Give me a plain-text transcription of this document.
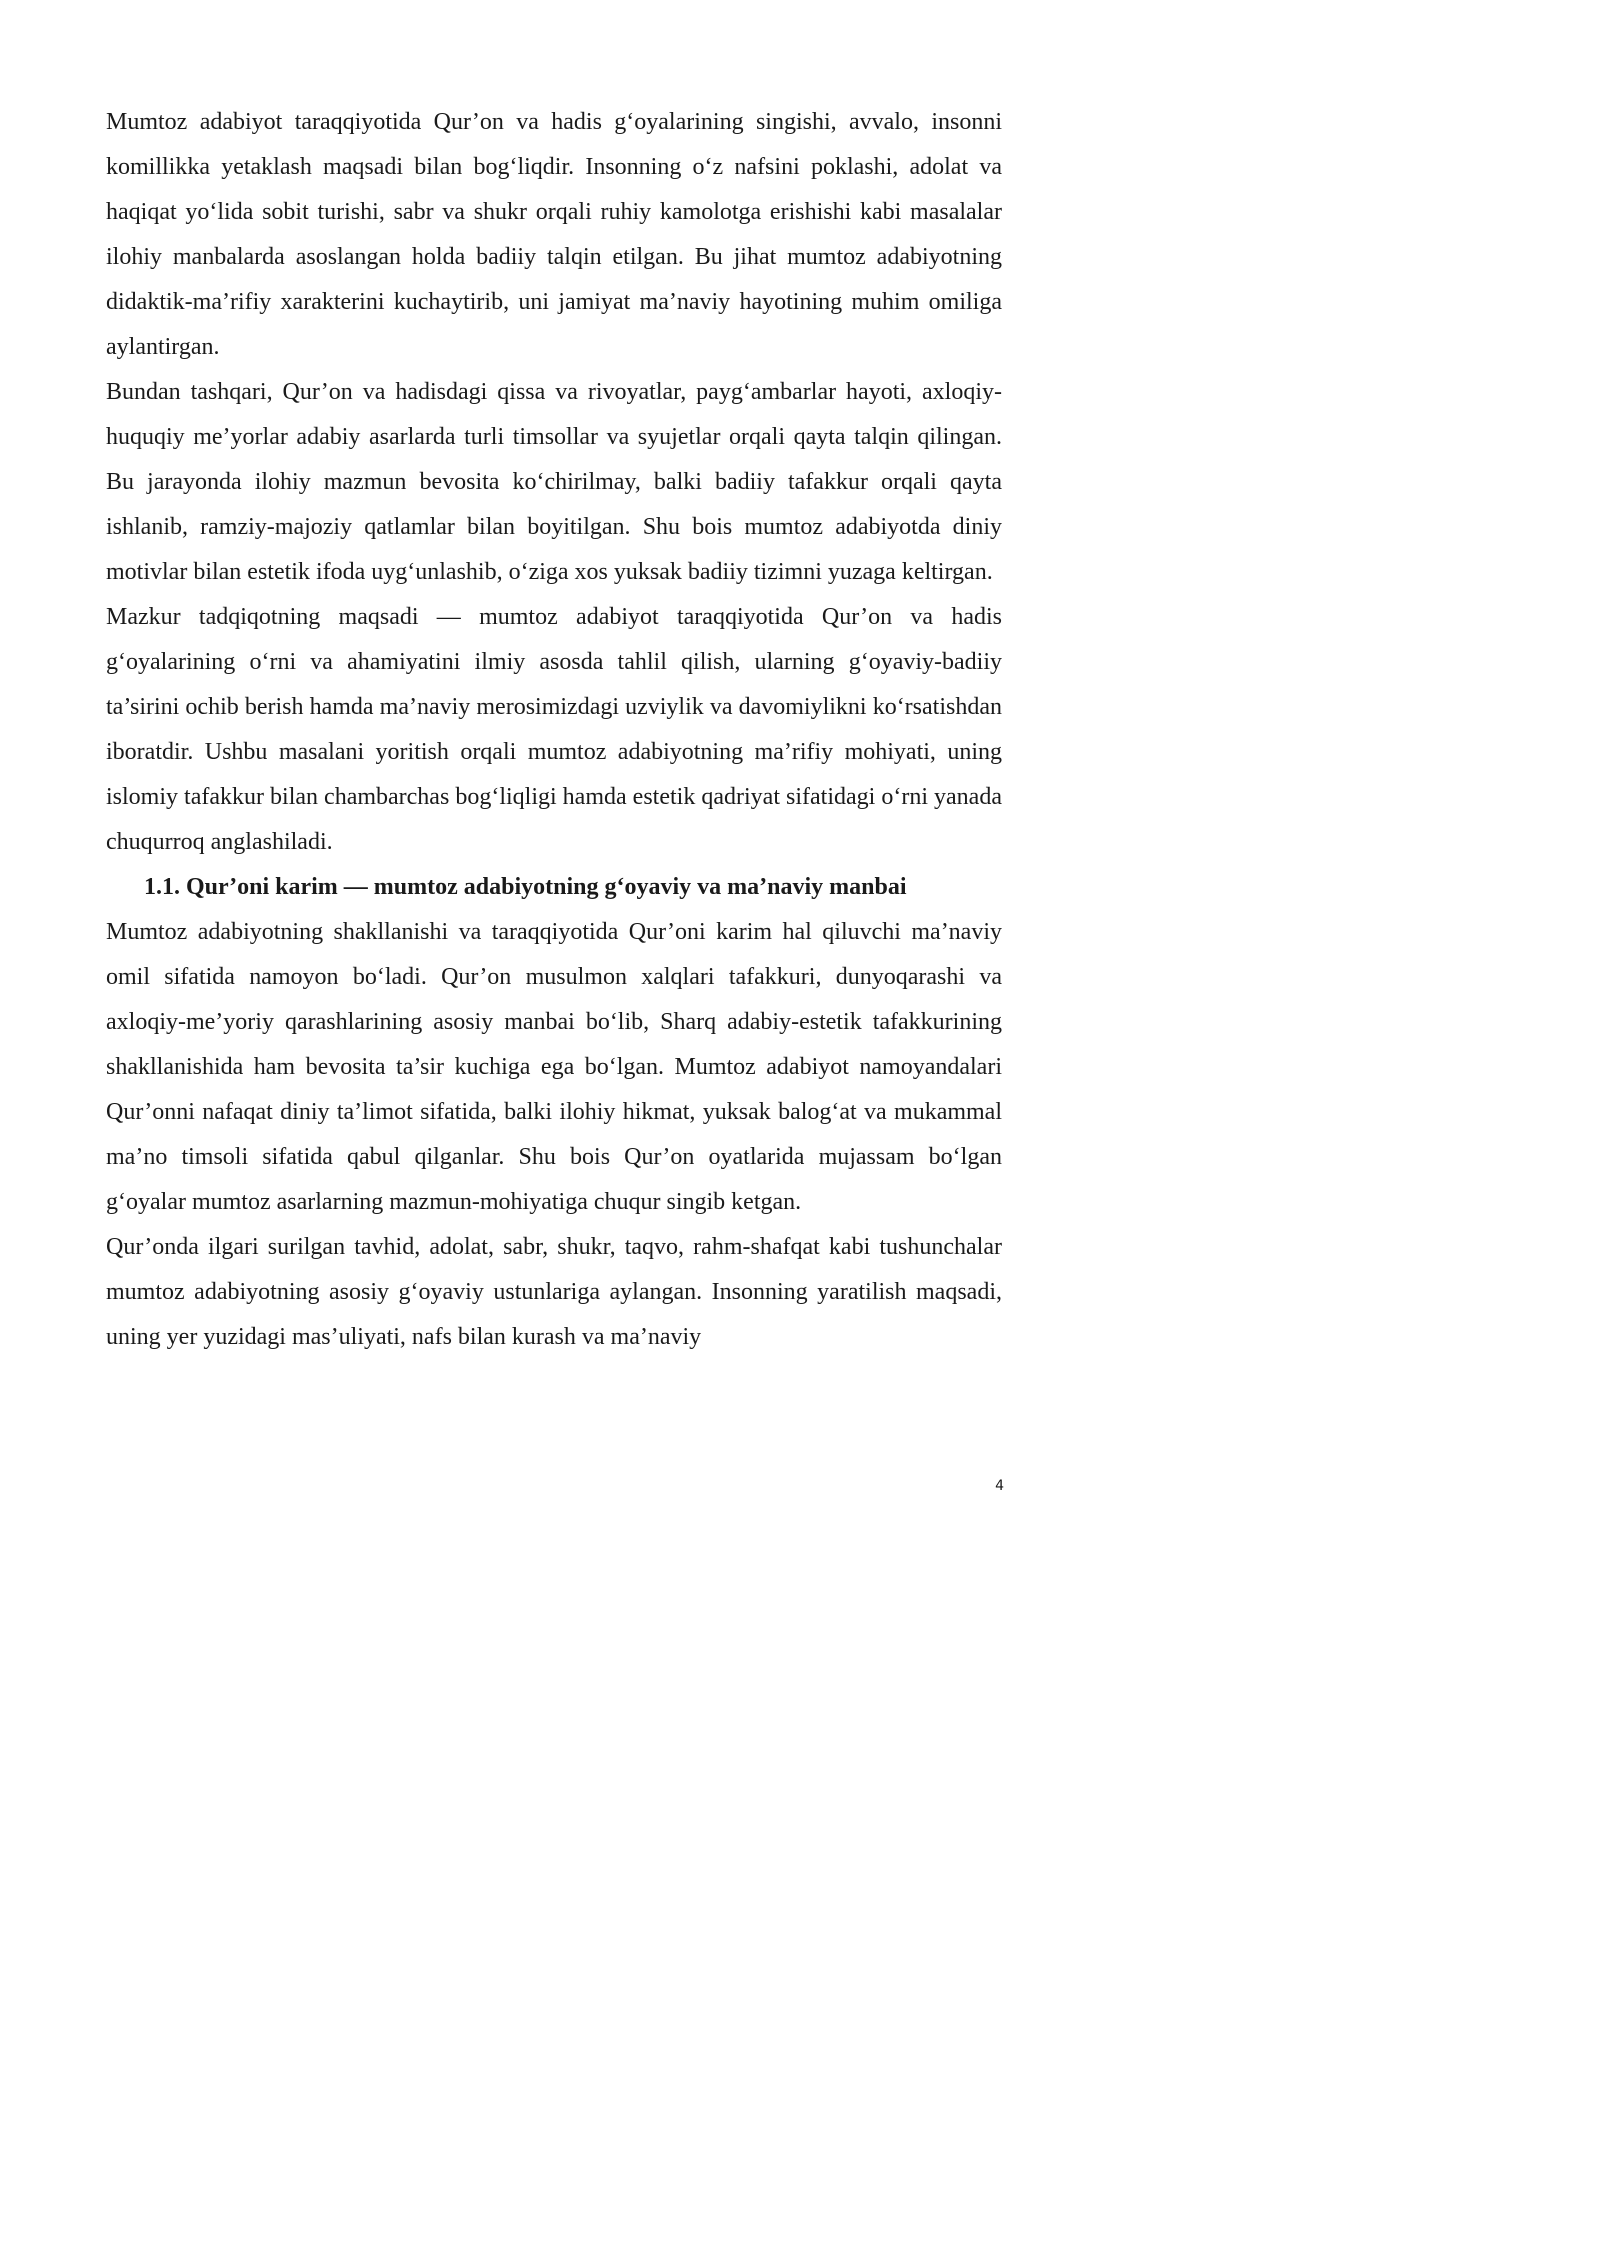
Mumtoz adabiyot taraqqiyotida Qur’on va hadis g‘oyalarining singishi, avvalo, insonni komillikka yetaklash maqsadi bilan bog‘liqdir. Insonning o‘z nafsini poklashi, adolat va haqiqat yo‘lida sobit turishi, sabr va shukr orqali ruhiy kamolotga erishishi kabi masalalar ilohiy manbalarda asoslangan holda badiiy talqin etilgan. Bu jihat mumtoz adabiyotning didaktik-ma’rifiy xarakterini kuchaytirib, uni jamiyat ma’naviy hayotining muhim omiliga aylantirgan.

Bundan tashqari, Qur’on va hadisdagi qissa va rivoyatlar, payg‘ambarlar hayoti, axloqiy-huquqiy me’yorlar adabiy asarlarda turli timsollar va syujetlar orqali qayta talqin qilingan. Bu jarayonda ilohiy mazmun bevosita ko‘chirilmay, balki badiiy tafakkur orqali qayta ishlanib, ramziy-majoziy qatlamlar bilan boyitilgan. Shu bois mumtoz adabiyotda diniy motivlar bilan estetik ifoda uyg‘unlashib, o‘ziga xos yuksak badiiy tizimni yuzaga keltirgan.

Mazkur tadqiqotning maqsadi — mumtoz adabiyot taraqqiyotida Qur’on va hadis g‘oyalarining o‘rni va ahamiyatini ilmiy asosda tahlil qilish, ularning g‘oyaviy-badiiy ta’sirini ochib berish hamda ma’naviy merosimizdagi uzviylik va davomiylikni ko‘rsatishdan iboratdir. Ushbu masalani yoritish orqali mumtoz adabiyotning ma’rifiy mohiyati, uning islomiy tafakkur bilan chambarchas bog‘liqligi hamda estetik qadriyat sifatidagi o‘rni yanada chuqurroq anglashiladi.

1.1. Qur’oni karim — mumtoz adabiyotning g‘oyaviy va ma’naviy manbai

Mumtoz adabiyotning shakllanishi va taraqqiyotida Qur’oni karim hal qiluvchi ma’naviy omil sifatida namoyon bo‘ladi. Qur’on musulmon xalqlari tafakkuri, dunyoqarashi va axloqiy-me’yoriy qarashlarining asosiy manbai bo‘lib, Sharq adabiy-estetik tafakkurining shakllanishida ham bevosita ta’sir kuchiga ega bo‘lgan. Mumtoz adabiyot namoyandalari Qur’onni nafaqat diniy ta’limot sifatida, balki ilohiy hikmat, yuksak balog‘at va mukammal ma’no timsoli sifatida qabul qilganlar. Shu bois Qur’on oyatlarida mujassam bo‘lgan g‘oyalar mumtoz asarlarning mazmun-mohiyatiga chuqur singib ketgan.

Qur’onda ilgari surilgan tavhid, adolat, sabr, shukr, taqvo, rahm-shafqat kabi tushunchalar mumtoz adabiyotning asosiy g‘oyaviy ustunlariga aylangan. Insonning yaratilish maqsadi, uning yer yuzidagi mas’uliyati, nafs bilan kurash va ma’naviy

4
